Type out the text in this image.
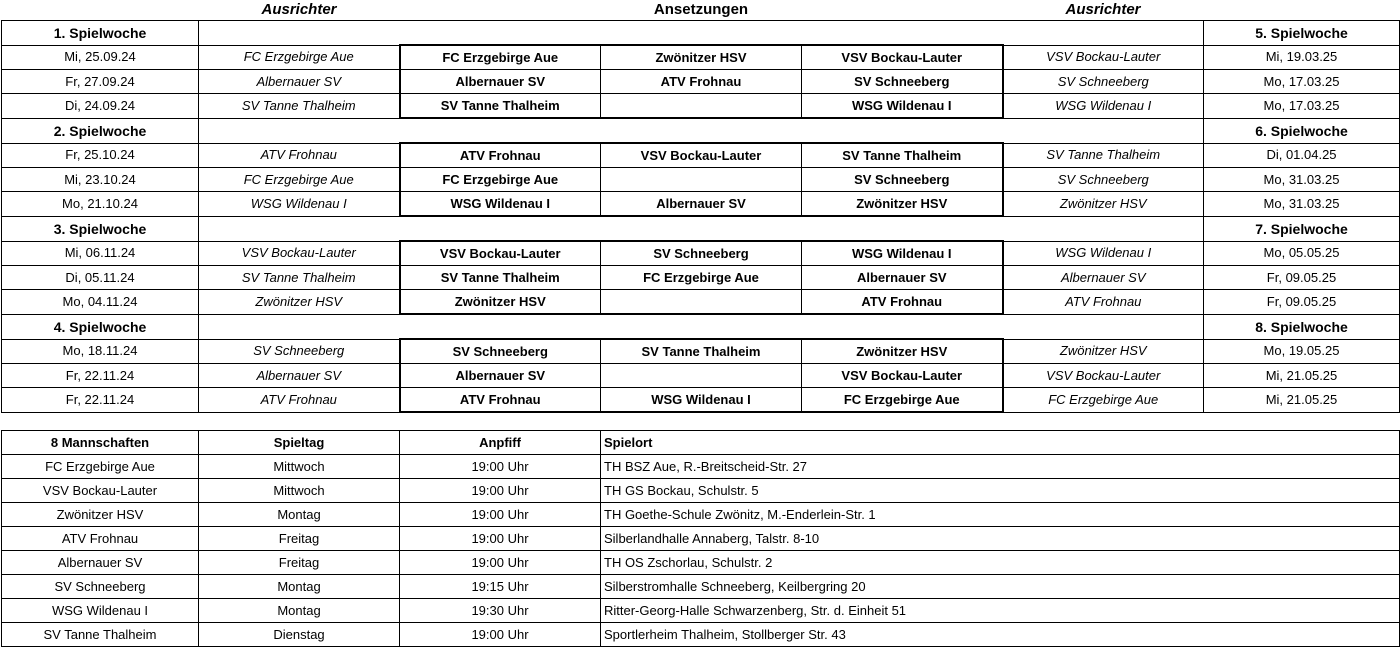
	Ausrichter		Ansetzungen		Ausrichter	
1. Spielwoche						5. Spielwoche
Mi, 25.09.24	FC Erzgebirge Aue	FC Erzgebirge Aue	Zwönitzer HSV	VSV Bockau-Lauter	VSV Bockau-Lauter	Mi, 19.03.25
Fr, 27.09.24	Albernauer SV	Albernauer SV	ATV Frohnau	SV Schneeberg	SV Schneeberg	Mo, 17.03.25
Di, 24.09.24	SV Tanne Thalheim	SV Tanne Thalheim		WSG Wildenau I	WSG Wildenau I	Mo, 17.03.25
2. Spielwoche						6. Spielwoche
Fr, 25.10.24	ATV Frohnau	ATV Frohnau	VSV Bockau-Lauter	SV Tanne Thalheim	SV Tanne Thalheim	Di, 01.04.25
Mi, 23.10.24	FC Erzgebirge Aue	FC Erzgebirge Aue		SV Schneeberg	SV Schneeberg	Mo, 31.03.25
Mo, 21.10.24	WSG Wildenau I	WSG Wildenau I	Albernauer SV	Zwönitzer HSV	Zwönitzer HSV	Mo, 31.03.25
3. Spielwoche						7. Spielwoche
Mi, 06.11.24	VSV Bockau-Lauter	VSV Bockau-Lauter	SV Schneeberg	WSG Wildenau I	WSG Wildenau I	Mo, 05.05.25
Di, 05.11.24	SV Tanne Thalheim	SV Tanne Thalheim	FC Erzgebirge Aue	Albernauer SV	Albernauer SV	Fr, 09.05.25
Mo, 04.11.24	Zwönitzer HSV	Zwönitzer HSV		ATV Frohnau	ATV Frohnau	Fr, 09.05.25
4. Spielwoche						8. Spielwoche
Mo, 18.11.24	SV Schneeberg	SV Schneeberg	SV Tanne Thalheim	Zwönitzer HSV	Zwönitzer HSV	Mo, 19.05.25
Fr, 22.11.24	Albernauer SV	Albernauer SV		VSV Bockau-Lauter	VSV Bockau-Lauter	Mi, 21.05.25
Fr, 22.11.24	ATV Frohnau	ATV Frohnau	WSG Wildenau I	FC Erzgebirge Aue	FC Erzgebirge Aue	Mi, 21.05.25
8 Mannschaften	Spieltag	Anpfiff	Spielort
FC Erzgebirge Aue	Mittwoch	19:00 Uhr	TH BSZ Aue, R.-Breitscheid-Str. 27
VSV Bockau-Lauter	Mittwoch	19:00 Uhr	TH GS Bockau, Schulstr. 5
Zwönitzer HSV	Montag	19:00 Uhr	TH Goethe-Schule Zwönitz, M.-Enderlein-Str. 1
ATV Frohnau	Freitag	19:00 Uhr	Silberlandhalle Annaberg, Talstr. 8-10
Albernauer SV	Freitag	19:00 Uhr	TH OS Zschorlau, Schulstr. 2
SV Schneeberg	Montag	19:15 Uhr	Silberstromhalle Schneeberg, Keilbergring 20
WSG Wildenau I	Montag	19:30 Uhr	Ritter-Georg-Halle Schwarzenberg, Str. d. Einheit 51
SV Tanne Thalheim	Dienstag	19:00 Uhr	Sportlerheim Thalheim, Stollberger Str. 43
